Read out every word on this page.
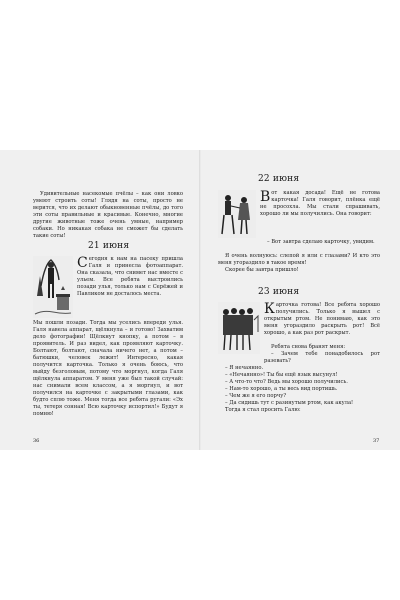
Удивительные насекомые пчёлы – как они ловко умеют строить соты! Глядя на соты, просто не верится, что их делают обыкновенные пчёлы, до того эти соты правильные и красивые. Конечно, многие другие животные тоже очень умные, например собаки. Но никакая собака не сможет бы сделать такие соты!

21 июня
Сегодня к нам на пасеку пришла Галя и принесла фотоаппарат. Она сказала, что снимет нас вместе с ульем. Все ребята выстроились позади улья, только нам с Серёжей и Павликом не досталось места.

Мы пошли позади. Тогда мы уселись впереди улья. Галя навела аппарат, щёлкнула – и готово! Захватим дело фотографии! Щёлкнут кнопку, а потом – в проявитель. И раз видел, как проявляют карточку. Болтают, болтают, сначала ничего нет, а потом – батюшки, человек лежит! Интересно, какая получится карточка. Только я очень боюсь, что выйду безголовым, потому что моргнул, когда Галя щёлкнула аппаратом. У меня уже был такой случай: нас снимали всем классом, а я моргнул, и вот получился на карточке с закрытыми глазами, как будто сплю тоже. Меня тогда все ребята ругали: «Эх ты, тетеря сонная! Всю карточку испортил!» Будут я помню!

36
22 июня
Вот какая досада! Ещё не готова карточка! Галя говорит, плёнка ещё не просохла. Мы стали спрашивать, хорошо ли мы получились. Она говорит:

– Вот завтра сделаю карточку, увидим.

Я очень волнуюсь: слепой я или с глазами? И кто это меня угораздило в такое время!

Скорее бы завтра пришло!

23 июня
Карточка готова! Все ребята хорошо получились. Только я вышел с открытым ртом. Не понимаю, как это меня угораздило раскрыть рот! Всё хорошо, а как раз рот раскрыт.

Ребята снова бранят меня:

– Зачем тебе понадобилось рот разевать?

– Я нечаянно.

– «Нечаянно»! Ты бы ещё язык высунул!

– А что-то что? Ведь мы хорошо получились.

– Нам-то хорошо, а ты весь вид портишь.

– Чем же я его порчу?

– Да сидишь тут с разинутым ртом, как акула!

Тогда я стал просить Галю:

37
